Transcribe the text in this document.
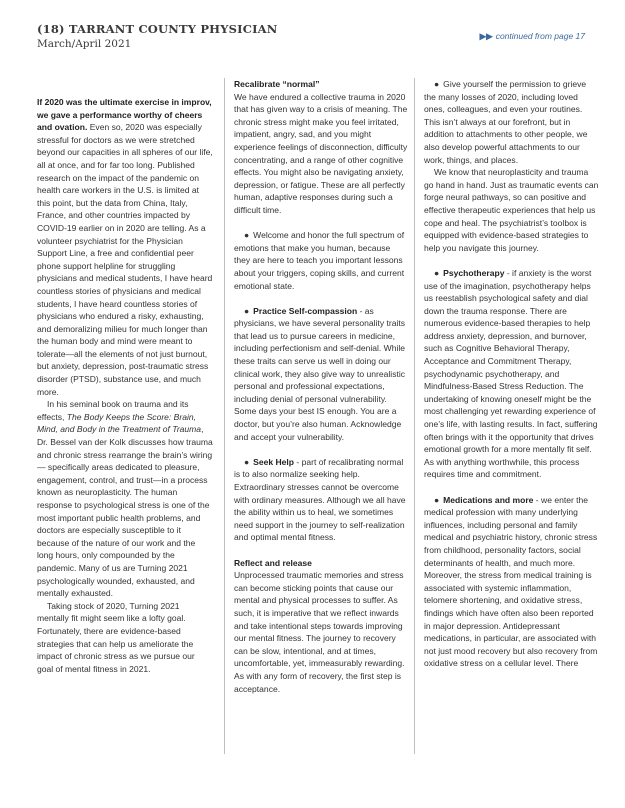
(18) TARRANT COUNTY PHYSICIAN
March/April 2021
▶▶ continued from page 17

If 2020 was the ultimate exercise in improv, we gave a performance worthy of cheers and ovation. Even so, 2020 was especially stressful for doctors as we were stretched beyond our capacities in all spheres of our life, all at once, and for far too long. Published research on the impact of the pandemic on health care workers in the U.S. is limited at this point, but the data from China, Italy, France, and other countries impacted by COVID-19 earlier on in 2020 are telling. As a volunteer psychiatrist for the Physician Support Line, a free and confidential peer phone support helpline for struggling physicians and medical students, I have heard countless stories of physicians and medical students, I have heard countless stories of physicians who endured a risky, exhausting, and demoralizing milieu for much longer than the human body and mind were meant to tolerate—all the elements of not just burnout, but anxiety, depression, post-traumatic stress disorder (PTSD), substance use, and much more.

In his seminal book on trauma and its effects, The Body Keeps the Score: Brain, Mind, and Body in the Treatment of Trauma, Dr. Bessel van der Kolk discusses how trauma and chronic stress rearrange the brain’s wiring— specifically areas dedicated to pleasure, engagement, control, and trust—in a process known as neuroplasticity. The human response to psychological stress is one of the most important public health problems, and doctors are especially susceptible to it because of the nature of our work and the long hours, only compounded by the pandemic. Many of us are Turning 2021 psychologically wounded, exhausted, and mentally exhausted.

Taking stock of 2020, Turning 2021 mentally fit might seem like a lofty goal. Fortunately, there are evidence-based strategies that can help us ameliorate the impact of chronic stress as we pursue our goal of mental fitness in 2021.

Recalibrate “normal”

We have endured a collective trauma in 2020 that has given way to a crisis of meaning. The chronic stress might make you feel irritated, impatient, angry, sad, and you might experience feelings of disconnection, difficulty concentrating, and a range of other cognitive effects. You might also be navigating anxiety, depression, or fatigue. These are all perfectly human, adaptive responses during such a difficult time.

● Welcome and honor the full spectrum of emotions that make you human, because they are here to teach you important lessons about your triggers, coping skills, and current emotional state.

● Practice Self-compassion - as physicians, we have several personality traits that lead us to pursue careers in medicine, including perfectionism and self-denial. While these traits can serve us well in doing our clinical work, they also give way to unrealistic personal and professional expectations, including denial of personal vulnerability. Some days your best IS enough. You are a doctor, but you’re also human. Acknowledge and accept your vulnerability.

● Seek Help - part of recalibrating normal is to also normalize seeking help. Extraordinary stresses cannot be overcome with ordinary measures. Although we all have the ability within us to heal, we sometimes need support in the journey to self-realization and optimal mental fitness.

Reflect and release

Unprocessed traumatic memories and stress can become sticking points that cause our mental and physical processes to suffer. As such, it is imperative that we reflect inwards and take intentional steps towards improving our mental fitness. The journey to recovery can be slow, intentional, and at times, uncomfortable, yet, immeasurably rewarding. As with any form of recovery, the first step is acceptance.

● Give yourself the permission to grieve the many losses of 2020, including loved ones, colleagues, and even your routines. This isn’t always at our forefront, but in addition to attachments to other people, we also develop powerful attachments to our work, things, and places.

We know that neuroplasticity and trauma go hand in hand. Just as traumatic events can forge neural pathways, so can positive and effective therapeutic experiences that help us cope and heal. The psychiatrist’s toolbox is equipped with evidence-based strategies to help you navigate this journey.

● Psychotherapy - if anxiety is the worst use of the imagination, psychotherapy helps us reestablish psychological safety and dial down the trauma response. There are numerous evidence-based therapies to help address anxiety, depression, and burnover, such as Cognitive Behavioral Therapy, Acceptance and Commitment Therapy, psychodynamic psychotherapy, and Mindfulness-Based Stress Reduction. The undertaking of knowing oneself might be the most challenging yet rewarding experience of one’s life, with lasting results. In fact, suffering often brings with it the opportunity that drives emotional growth for a more mentally fit self. As with anything worthwhile, this process requires time and commitment.

● Medications and more - we enter the medical profession with many underlying influences, including personal and family medical and psychiatric history, chronic stress from childhood, personality factors, social determinants of health, and much more. Moreover, the stress from medical training is associated with systemic inflammation, telomere shortening, and oxidative stress, findings which have often also been reported in major depression. Antidepressant medications, in particular, are associated with not just mood recovery but also recovery from oxidative stress on a cellular level. There
